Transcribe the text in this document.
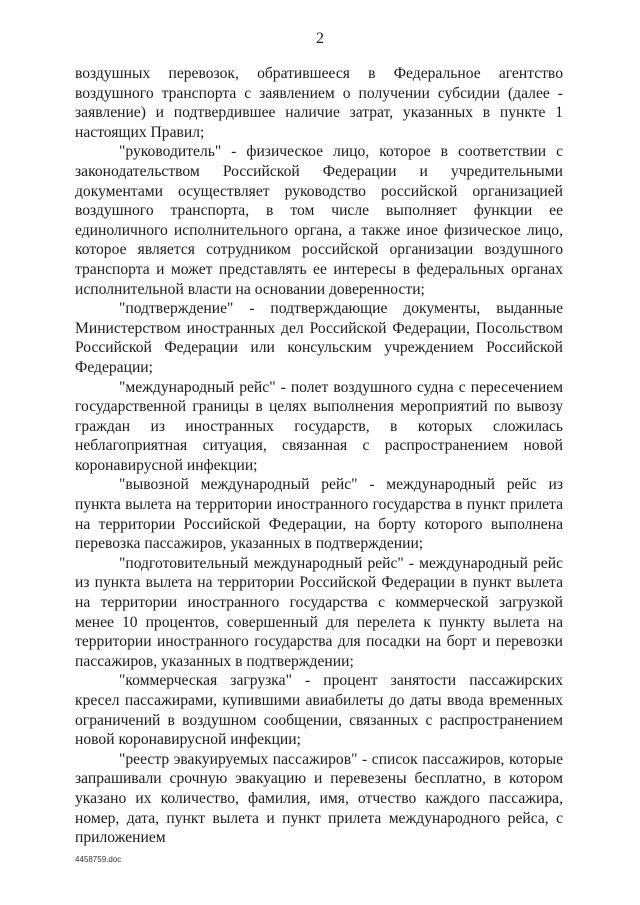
2

воздушных перевозок, обратившееся в Федеральное агентство воздушного транспорта с заявлением о получении субсидии (далее - заявление) и подтвердившее наличие затрат, указанных в пункте 1 настоящих Правил;

"руководитель" - физическое лицо, которое в соответствии с законодательством Российской Федерации и учредительными документами осуществляет руководство российской организацией воздушного транспорта, в том числе выполняет функции ее единоличного исполнительного органа, а также иное физическое лицо, которое является сотрудником российской организации воздушного транспорта и может представлять ее интересы в федеральных органах исполнительной власти на основании доверенности;

"подтверждение" - подтверждающие документы, выданные Министерством иностранных дел Российской Федерации, Посольством Российской Федерации или консульским учреждением Российской Федерации;

"международный рейс" - полет воздушного судна с пересечением государственной границы в целях выполнения мероприятий по вывозу граждан из иностранных государств, в которых сложилась неблагоприятная ситуация, связанная с распространением новой коронавирусной инфекции;

"вывозной международный рейс" - международный рейс из пункта вылета на территории иностранного государства в пункт прилета на территории Российской Федерации, на борту которого выполнена перевозка пассажиров, указанных в подтверждении;

"подготовительный международный рейс" - международный рейс из пункта вылета на территории Российской Федерации в пункт вылета на территории иностранного государства с коммерческой загрузкой менее 10 процентов, совершенный для перелета к пункту вылета на территории иностранного государства для посадки на борт и перевозки пассажиров, указанных в подтверждении;

"коммерческая загрузка" - процент занятости пассажирских кресел пассажирами, купившими авиабилеты до даты ввода временных ограничений в воздушном сообщении, связанных с распространением новой коронавирусной инфекции;

"реестр эвакуируемых пассажиров" - список пассажиров, которые запрашивали срочную эвакуацию и перевезены бесплатно, в котором указано их количество, фамилия, имя, отчество каждого пассажира, номер, дата, пункт вылета и пункт прилета международного рейса, с приложением

4458759.doc
